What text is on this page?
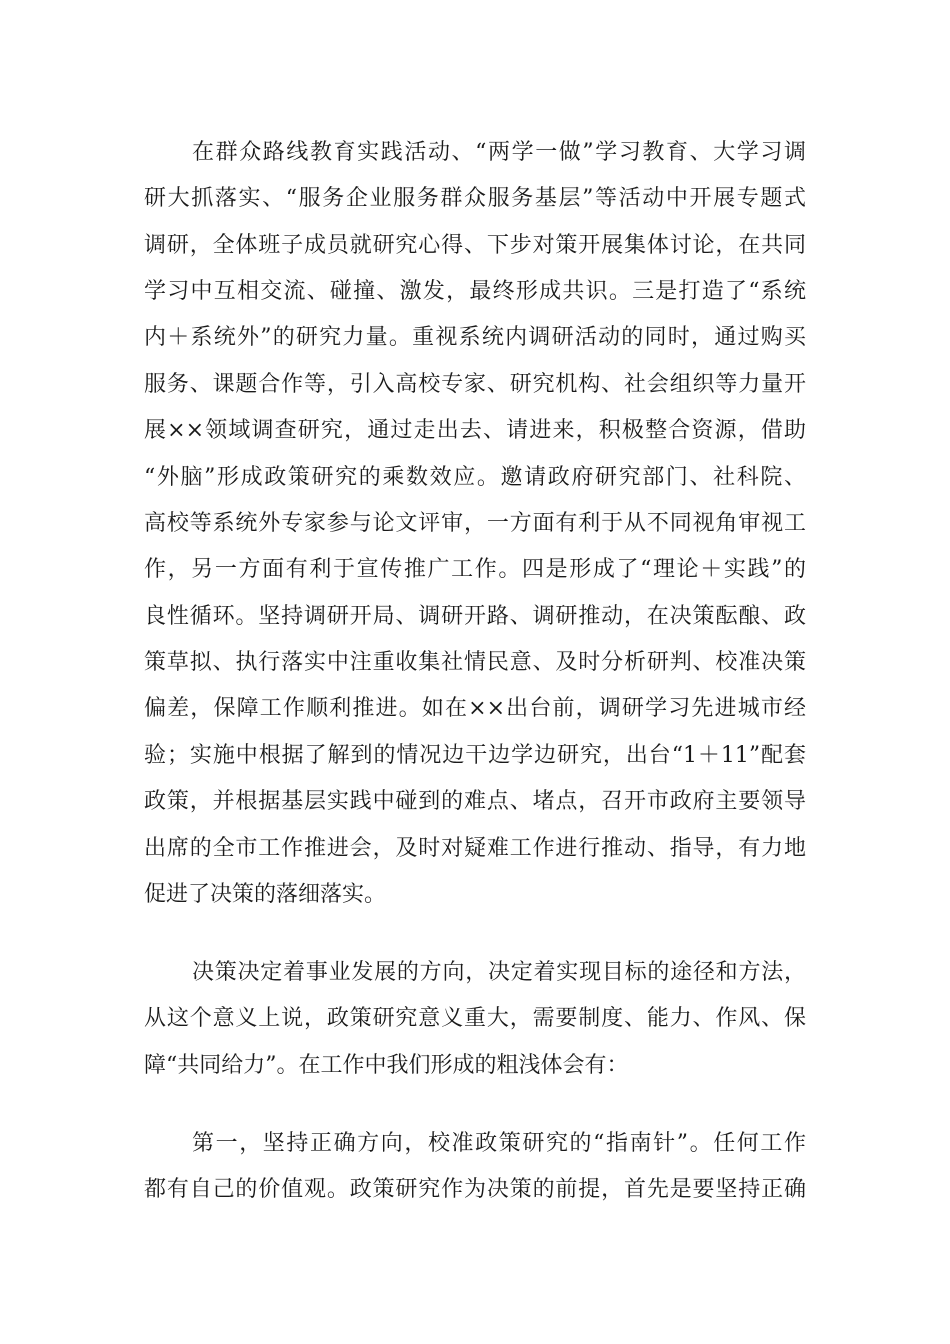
在群众路线教育实践活动、“两学一做”学习教育、大学习调
研大抓落实、“服务企业服务群众服务基层”等活动中开展专题式
调研，全体班子成员就研究心得、下步对策开展集体讨论，在共同
学习中互相交流、碰撞、激发，最终形成共识。三是打造了“系统
内＋系统外”的研究力量。重视系统内调研活动的同时，通过购买
服务、课题合作等，引入高校专家、研究机构、社会组织等力量开
展××领域调查研究，通过走出去、请进来，积极整合资源，借助
“外脑”形成政策研究的乘数效应。邀请政府研究部门、社科院、
高校等系统外专家参与论文评审，一方面有利于从不同视角审视工
作，另一方面有利于宣传推广工作。四是形成了“理论＋实践”的
良性循环。坚持调研开局、调研开路、调研推动，在决策酝酿、政
策草拟、执行落实中注重收集社情民意、及时分析研判、校准决策
偏差，保障工作顺利推进。如在××出台前，调研学习先进城市经
验；实施中根据了解到的情况边干边学边研究，出台“1＋11”配套
政策，并根据基层实践中碰到的难点、堵点，召开市政府主要领导
出席的全市工作推进会，及时对疑难工作进行推动、指导，有力地
促进了决策的落细落实。
决策决定着事业发展的方向，决定着实现目标的途径和方法，
从这个意义上说，政策研究意义重大，需要制度、能力、作风、保
障“共同给力”。在工作中我们形成的粗浅体会有：
第一，坚持正确方向，校准政策研究的“指南针”。任何工作
都有自己的价值观。政策研究作为决策的前提，首先是要坚持正确
